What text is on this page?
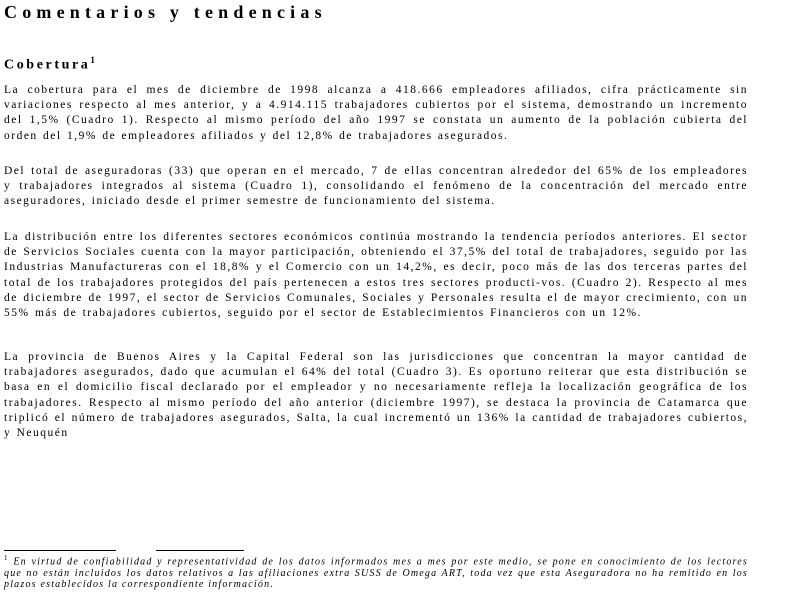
Comentarios y tendencias
Cobertura$^1$

La cobertura para el mes de diciembre de 1998 alcanza a 418.666 empleadores afiliados, cifra prácticamente sin variaciones respecto al mes anterior, y a 4.914.115 trabajadores cubiertos por el sistema, demostrando un incremento del 1,5% (Cuadro 1). Respecto al mismo período del año 1997 se constata un aumento de la población cubierta del orden del 1,9% de empleadores afiliados y del 12,8% de trabajadores asegurados.

Del total de aseguradoras (33) que operan en el mercado, 7 de ellas concentran alrededor del 65% de los empleadores y trabajadores integrados al sistema (Cuadro 1), consolidando el fenómeno de la concentración del mercado entre aseguradores, iniciado desde el primer semestre de funcionamiento del sistema.

La distribución entre los diferentes sectores económicos continúa mostrando la tendencia períodos anteriores. El sector de Servicios Sociales cuenta con la mayor participación, obteniendo el 37,5% del total de trabajadores, seguido por las Industrias Manufactureras con el 18,8% y el Comercio con un 14,2%, es decir, poco más de las dos terceras partes del total de los trabajadores protegidos del país pertenecen a estos tres sectores producti-vos. (Cuadro 2). Respecto al mes de diciembre de 1997, el sector de Servicios Comunales, Sociales y Personales resulta el de mayor crecimiento, con un 55% más de trabajadores cubiertos, seguido por el sector de Establecimientos Financieros con un 12%.

La provincia de Buenos Aires y la Capital Federal son las jurisdicciones que concentran la mayor cantidad de trabajadores asegurados, dado que acumulan el 64% del total (Cuadro 3). Es oportuno reiterar que esta distribución se basa en el domicilio fiscal declarado por el empleador y no necesariamente refleja la localización geográfica de los trabajadores. Respecto al mismo período del año anterior (diciembre 1997), se destaca la provincia de Catamarca que triplicó el número de trabajadores asegurados, Salta, la cual incrementó un 136% la cantidad de trabajadores cubiertos, y Neuquén

$^1$ En virtud de confiabilidad y representatividad de los datos informados mes a mes por este medio, se pone en conocimiento de los lectores que no están incluidos los datos relativos a las afiliaciones extra SUSS de Omega ART, toda vez que esta Aseguradora no ha remitido en los plazos establecidos la correspondiente información.
